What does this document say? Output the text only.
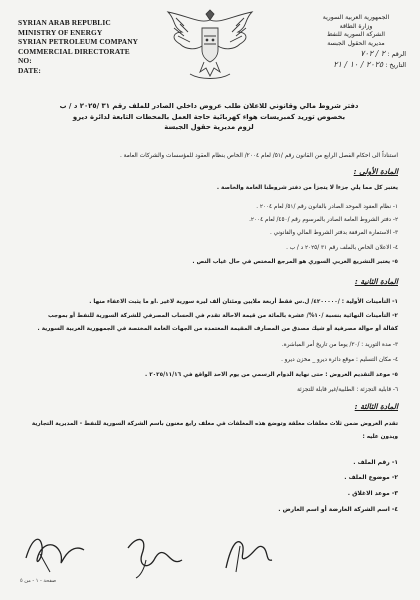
SYRIAN ARAB REPUBLIC
MINISTRY OF ENERGY
SYRIAN PETROLEUM COMPANY
COMMERCIAL DIRECTORATE
NO:
DATE:
الجمهورية العربية السورية
وزارة الطاقة
الشركة السورية للنفط
مديرية الحقول الجبسة
الرقم : ٢ / ٧٠٢
التاريخ : ٢٠٢٥ / ١٠ / ٢١
دفتر شروط مالي وقانوني للاعلان طلب عروض داخلي الصادر للملف رقم ٣١ /٢٠٢٥ د / ب
بخصوص توريد كمبريسات هواء كهربائية حاجة العمل بالمحطات التابعة لدائرة ديرو
لزوم مديرية حقول الجبسة
استناداً الى احكام الفصل الرابع من القانون رقم /٥١/ لعام ٢٠٠٤/ الخاص بنظام العقود للمؤسسات والشركات العامة .
المادة الأولى :
يعتبر كل مما يلي جزءا لا يتجزأ من دفتر شروطنا العامة والخاصة .
١- نظام العقود الموحد الصادر بالقانون رقم /٥١/ لعام ٢٠٠٤ .
٢- دفتر الشروط العامة الصادر بالمرسوم رقم /٤٥٠/ لعام ٢٠٠٤.
٣- الاستمارة المرفقة بدفتر الشروط المالي والقانوني .
٤- الاعلان الخاص بالملف رقم ٣١ /٢٠٢٥ د / ب .
٥- يعتبر التشريع العربي السوري هو المرجع المختص في حال غياب النص .
المادة الثانية :
١- التأمينات الأولية : /٤٢٠٠٠٠٠/ ل.س فقط أربعة ملايين ومئتان ألف ليرة سورية لاغير .او ما يثبت الاعفاء منها .
٢- التأمينات النهائية بنسبة /١٠%/ عشرة بالمائة من قيمة الاحالة تقدم في الحساب المصرفي للشركة السورية للنفط أو بموجب
كفالة أو حوالة مصرفية أو شيك مصدق من المصارف المقيمة المعتمدة من الجهات العامة المختصة في الجمهورية العربية السورية .
٣- مدة التوريد : /٣٠/ يوما من تاريخ أمر المباشرة.
٤- مكان التسليم : موقع دائرة ديرو _ مخزن ديرو .
٥- موعد التقديم العروض : حتى نهاية الدوام الرسمي من يوم الاحد الواقع في ٢٠٢٥/١١/١٦ .
٦- قابلية التجزئة : الطلبية/غير قابلة للتجزئة
المادة الثالثة :
تقدم العروض ضمن ثلاث مغلفات مغلقة وتوضع هذه المغلفات في مغلف رابع معنون باسم الشركة السورية للنفط - المديرية التجارية
ويدون عليه :
١- رقم الملف .
٢- موضوع الملف .
٣- موعد الاغلاق .
٤- اسم الشركة العارضة أو اسم العارض .
صفحة - ١ - من ٥
